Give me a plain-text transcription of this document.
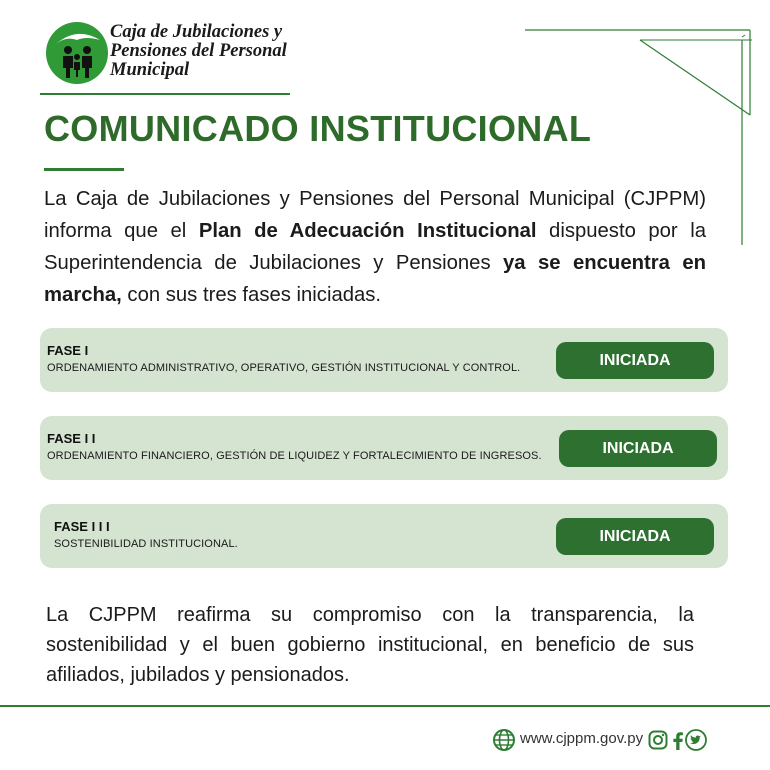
Caja de Jubilaciones y
Pensiones del Personal
Municipal
COMUNICADO INSTITUCIONAL
La Caja de Jubilaciones y Pensiones del Personal Municipal (CJPPM) informa que el Plan de Adecuación Institucional dispuesto por la Superintendencia de Jubilaciones y Pensiones ya se encuentra en marcha, con sus tres fases iniciadas.
FASE I
ORDENAMIENTO ADMINISTRATIVO, OPERATIVO, GESTIÓN INSTITUCIONAL Y CONTROL.	INICIADA
FASE I I
ORDENAMIENTO FINANCIERO, GESTIÓN DE LIQUIDEZ Y FORTALECIMIENTO DE INGRESOS.	INICIADA
FASE I I I
SOSTENIBILIDAD INSTITUCIONAL.	INICIADA
La CJPPM reafirma su compromiso con la transparencia, la sostenibilidad y el buen gobierno institucional, en beneficio de sus afiliados, jubilados y pensionados.
www.cjppm.gov.py
